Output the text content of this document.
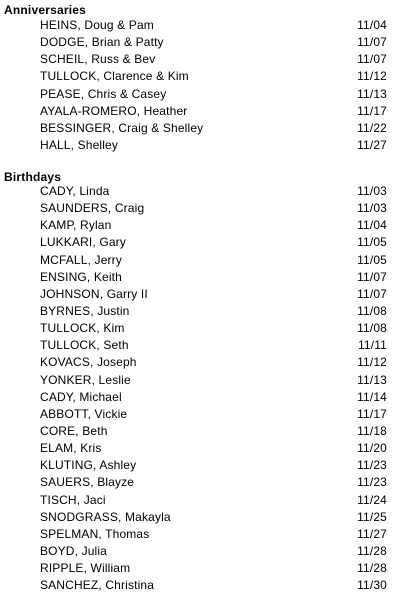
Anniversaries
HEINS, Doug & Pam	11/04
DODGE, Brian & Patty	11/07
SCHEIL, Russ & Bev	11/07
TULLOCK, Clarence & Kim	11/12
PEASE, Chris & Casey	11/13
AYALA-ROMERO, Heather	11/17
BESSINGER, Craig & Shelley	11/22
HALL, Shelley	11/27
Birthdays
CADY, Linda	11/03
SAUNDERS, Craig	11/03
KAMP, Rylan	11/04
LUKKARI, Gary	11/05
MCFALL, Jerry	11/05
ENSING, Keith	11/07
JOHNSON, Garry II	11/07
BYRNES, Justin	11/08
TULLOCK, Kim	11/08
TULLOCK, Seth	11/11
KOVACS, Joseph	11/12
YONKER, Leslie	11/13
CADY, Michael	11/14
ABBOTT, Vickie	11/17
CORE, Beth	11/18
ELAM, Kris	11/20
KLUTING, Ashley	11/23
SAUERS, Blayze	11/23
TISCH, Jaci	11/24
SNODGRASS, Makayla	11/25
SPELMAN, Thomas	11/27
BOYD, Julia	11/28
RIPPLE, William	11/28
SANCHEZ, Christina	11/30
